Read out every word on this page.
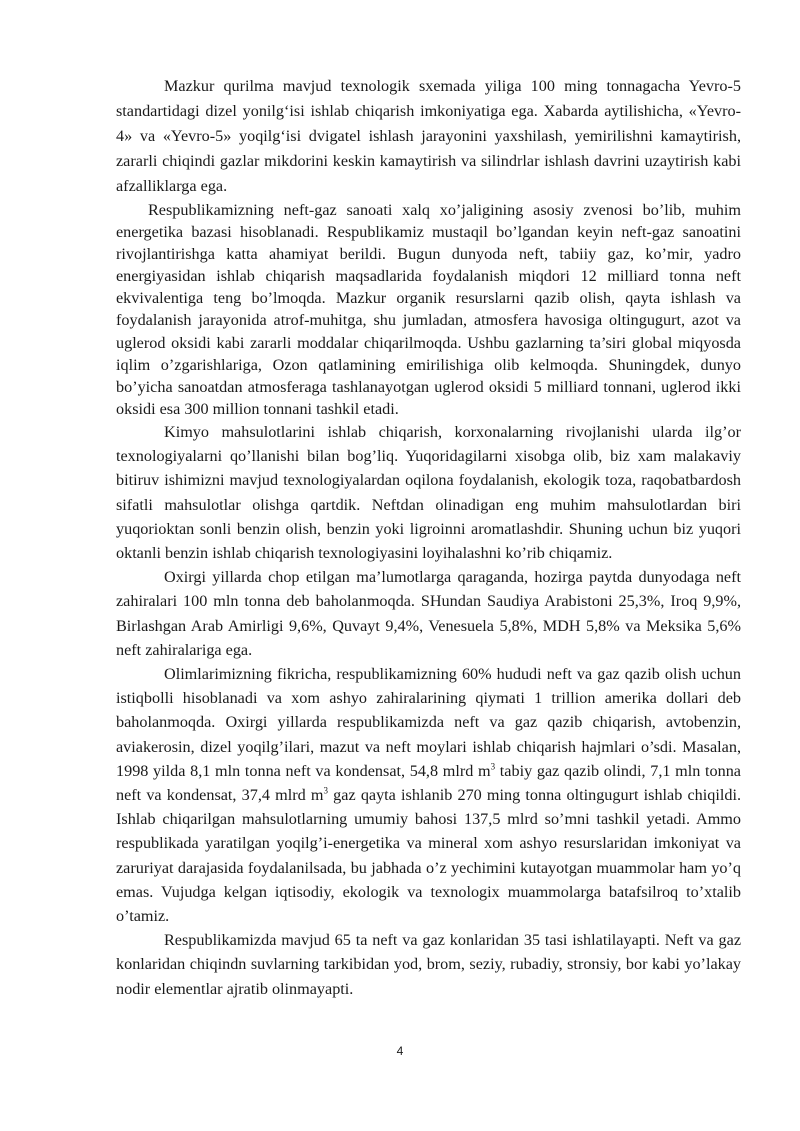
Mazkur qurilma mavjud texnologik sxemada yiliga 100 ming tonnagacha Yevro-5 standartidagi dizel yonilg‘isi ishlab chiqarish imkoniyatiga ega. Xabarda aytilishicha, «Yevro-4» va «Yevro-5» yoqilg‘isi dvigatel ishlash jarayonini yaxshilash, yemirilishni kamaytirish, zararli chiqindi gazlar mikdorini keskin kamaytirish va silindrlar ishlash davrini uzaytirish kabi afzalliklarga ega.

Respublikamizning neft-gaz sanoati xalq xo’jaligining asosiy zvenosi bo’lib, muhim energetika bazasi hisoblanadi. Respublikamiz mustaqil bo’lgandan keyin neft-gaz sanoatini rivojlantirishga katta ahamiyat berildi. Bugun dunyoda neft, tabiiy gaz, ko’mir, yadro energiyasidan ishlab chiqarish maqsadlarida foydalanish miqdori 12 milliard tonna neft ekvivalentiga teng bo’lmoqda. Mazkur organik resurslarni qazib olish, qayta ishlash va foydalanish jarayonida atrof-muhitga, shu jumladan, atmosfera havosiga oltingugurt, azot va uglerod oksidi kabi zararli moddalar chiqarilmoqda. Ushbu gazlarning ta’siri global miqyosda iqlim o’zgarishlariga, Ozon qatlamining emirilishiga olib kelmoqda. Shuningdek, dunyo bo’yicha sanoatdan atmosferaga tashlanayotgan uglerod oksidi 5 milliard tonnani, uglerod ikki oksidi esa 300 million tonnani tashkil etadi.

Kimyo mahsulotlarini ishlab chiqarish, korxonalarning rivojlanishi ularda ilg’or texnologiyalarni qo’llanishi bilan bog’liq. Yuqoridagilarni xisobga olib, biz xam malakaviy bitiruv ishimizni mavjud texnologiyalardan oqilona foydalanish, ekologik toza, raqobatbardosh sifatli mahsulotlar olishga qartdik. Neftdan olinadigan eng muhim mahsulotlardan biri yuqorioktan sonli benzin olish, benzin yoki ligroinni aromatlashdir. Shuning uchun biz yuqori oktanli benzin ishlab chiqarish texnologiyasini loyihalashni ko’rib chiqamiz.

Oxirgi yillarda chop etilgan ma’lumotlarga qaraganda, hozirga paytda dunyodaga neft zahiralari 100 mln tonna deb baholanmoqda. SHundan Saudiya Arabistoni 25,3%, Iroq 9,9%, Birlashgan Arab Amirligi 9,6%, Quvayt 9,4%, Venesuela 5,8%, MDH 5,8% va Meksika 5,6% neft zahiralariga ega.

Olimlarimizning fikricha, respublikamizning 60% hududi neft va gaz qazib olish uchun istiqbolli hisoblanadi va xom ashyo zahiralarining qiymati 1 trillion amerika dollari deb baholanmoqda. Oxirgi yillarda respublikamizda neft va gaz qazib chiqarish, avtobenzin, aviakerosin, dizel yoqilg’ilari, mazut va neft moylari ishlab chiqarish hajmlari o’sdi. Masalan, 1998 yilda 8,1 mln tonna neft va kondensat, 54,8 mlrd $m^3$ tabiy gaz qazib olindi, 7,1 mln tonna neft va kondensat, 37,4 mlrd $m^3$ gaz qayta ishlanib 270 ming tonna oltingugurt ishlab chiqildi. Ishlab chiqarilgan mahsulotlarning umumiy bahosi 137,5 mlrd so’mni tashkil yetadi. Ammo respublikada yaratilgan yoqilg’i-energetika va mineral xom ashyo resurslaridan imkoniyat va zaruriyat darajasida foydalanilsada, bu jabhada o’z yechimini kutayotgan muammolar ham yo’q emas. Vujudga kelgan iqtisodiy, ekologik va texnologix muammolarga batafsilroq to’xtalib o’tamiz.

Respublikamizda mavjud 65 ta neft va gaz konlaridan 35 tasi ishlatilayapti. Neft va gaz konlaridan chiqindn suvlarning tarkibidan yod, brom, seziy, rubadiy, stronsiy, bor kabi yo’lakay nodir elementlar ajratib olinmayapti.

4
